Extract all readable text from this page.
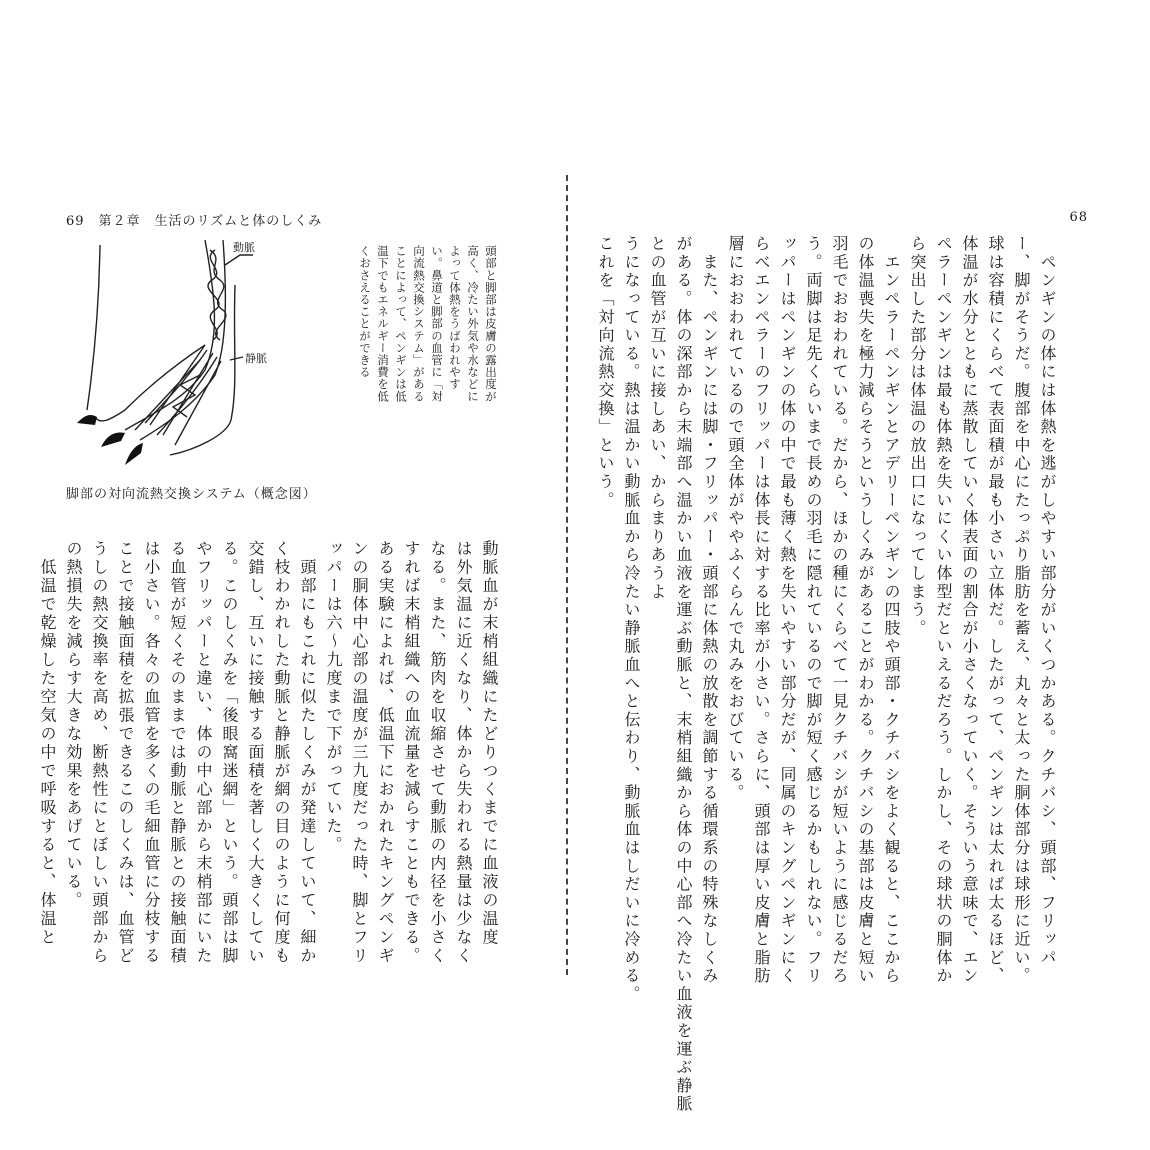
69 第２章　生活のリズムと体のしくみ
動脈
静脈	頭部と脚部は皮膚の露出度が
高く、冷たい外気や水などに
よって体熱をうばわれやす
い。鼻道と脚部の血管に「対
向流熱交換システム」がある
ことによって、ペンギンは低
温下でもエネルギー消費を低
くおさえることができる
脚部の対向流熱交換システム（概念図）
動脈血が末梢組織にたどりつくまでに血液の温度
は外気温に近くなり、体から失われる熱量は少なく
なる。また、筋肉を収縮させて動脈の内径を小さく
すれば末梢組織への血流量を減らすこともできる。
ある実験によれば、低温下におかれたキングペンギ
ンの胴体中心部の温度が三九度だった時、脚とフリ
ッパーは六〜九度まで下がっていた。
　頭部にもこれに似たしくみが発達していて、細か
く枝わかれした動脈と静脈が網の目のように何度も
交錯し、互いに接触する面積を著しく大きくしてい
る。このしくみを「後眼窩迷網」という。頭部は脚
やフリッパーと違い、体の中心部から末梢部にいた
る血管が短くそのままでは動脈と静脈との接触面積
は小さい。各々の血管を多くの毛細血管に分枝する
ことで接触面積を拡張できるこのしくみは、血管ど
うしの熱交換率を高め、断熱性にとぼしい頭部から
の熱損失を減らす大きな効果をあげている。
　低温で乾燥した空気の中で呼吸すると、体温と
68
　ペンギンの体には体熱を逃がしやすい部分がいくつかある。クチバシ、頭部、フリッパ
ー、脚がそうだ。腹部を中心にたっぷり脂肪を蓄え、丸々と太った胴体部分は球形に近い。
球は容積にくらべて表面積が最も小さい立体だ。したがって、ペンギンは太れば太るほど、
体温が水分とともに蒸散していく体表面の割合が小さくなっていく。そういう意味で、エン
ペラーペンギンは最も体熱を失いにくい体型だといえるだろう。しかし、その球状の胴体か
ら突出した部分は体温の放出口になってしまう。
　エンペラーペンギンとアデリーペンギンの四肢や頭部・クチバシをよく観ると、ここから
の体温喪失を極力減らそうというしくみがあることがわかる。クチバシの基部は皮膚と短い
羽毛でおおわれている。だから、ほかの種にくらべて一見クチバシが短いように感じるだろ
う。両脚は足先くらいまで長めの羽毛に隠れているので脚が短く感じるかもしれない。フリ
ッパーはペンギンの体の中で最も薄く熱を失いやすい部分だが、同属のキングペンギンにく
らべエンペラーのフリッパーは体長に対する比率が小さい。さらに、頭部は厚い皮膚と脂肪
層におおわれているので頭全体がややふくらんで丸みをおびている。
　また、ペンギンには脚・フリッパー・頭部に体熱の放散を調節する循環系の特殊なしくみ
がある。体の深部から末端部へ温かい血液を運ぶ動脈と、末梢組織から体の中心部へ冷たい血液を運ぶ静脈
との血管が互いに接しあい、からまりあうよ
うになっている。熱は温かい動脈血から冷たい静脈血へと伝わり、動脈血はしだいに冷める。
これを「対向流熱交換」という。
